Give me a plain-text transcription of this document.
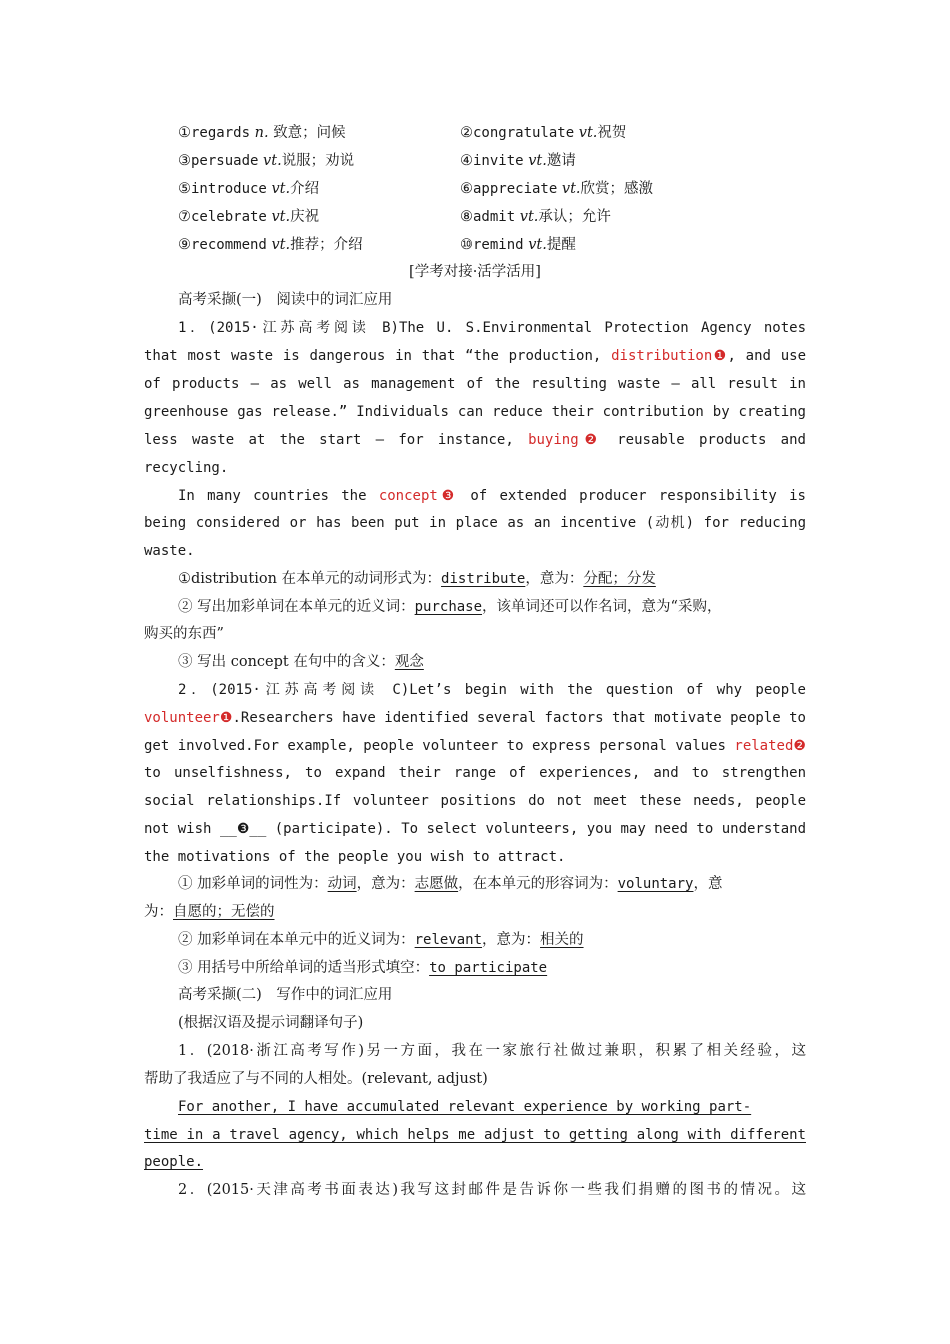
①regards n. 致意；问候	②congratulate vt.祝贺
③persuade vt.说服；劝说	④invite vt.邀请
⑤introduce vt.介绍	⑥appreciate vt.欣赏；感激
⑦celebrate vt.庆祝	⑧admit vt.承认；允许
⑨recommend vt.推荐；介绍	⑩remind vt.提醒
[学考对接·活学活用]
高考采撷(一)　阅读中的词汇应用
1．(2015·江苏高考阅读 B)The U. S.Environmental Protection Agency notes
that most waste is dangerous in that “the production, distribution❶, and use
of products — as well as management of the resulting waste — all result in
greenhouse gas release.” Individuals can reduce their contribution by creating
less waste at the start — for instance, buying❷ reusable products and
recycling.
In many countries the concept❸ of extended producer responsibility is
being considered or has been put in place as an incentive (动机) for reducing
waste.
①distribution 在本单元的动词形式为：distribute，意为：分配；分发
② 写出加彩单词在本单元的近义词：purchase，该单词还可以作名词，意为“采购，
购买的东西”
③ 写出 concept 在句中的含义：观念
2．(2015·江苏高考阅读 C)Let’s begin with the question of why people
volunteer❶.Researchers have identified several factors that motivate people to
get involved.For example, people volunteer to express personal values related❷
to unselfishness, to expand their range of experiences, and to strengthen
social relationships.If volunteer positions do not meet these needs, people
not wish __❸__ (participate). To select volunteers, you may need to understand
the motivations of the people you wish to attract.
① 加彩单词的词性为：动词，意为：志愿做，在本单元的形容词为：voluntary，意
为：自愿的；无偿的
② 加彩单词在本单元中的近义词为：relevant，意为：相关的
③ 用括号中所给单词的适当形式填空：to participate
高考采撷(二)　写作中的词汇应用
(根据汉语及提示词翻译句子)
1．(2018·浙江高考写作)另一方面，我在一家旅行社做过兼职，积累了相关经验，这
帮助了我适应了与不同的人相处。(relevant, adjust)
For another, I have accumulated relevant experience by working part-
time in a travel agency, which helps me adjust to getting along with different
people.
2．(2015·天津高考书面表达)我写这封邮件是告诉你一些我们捐赠的图书的情况。这
